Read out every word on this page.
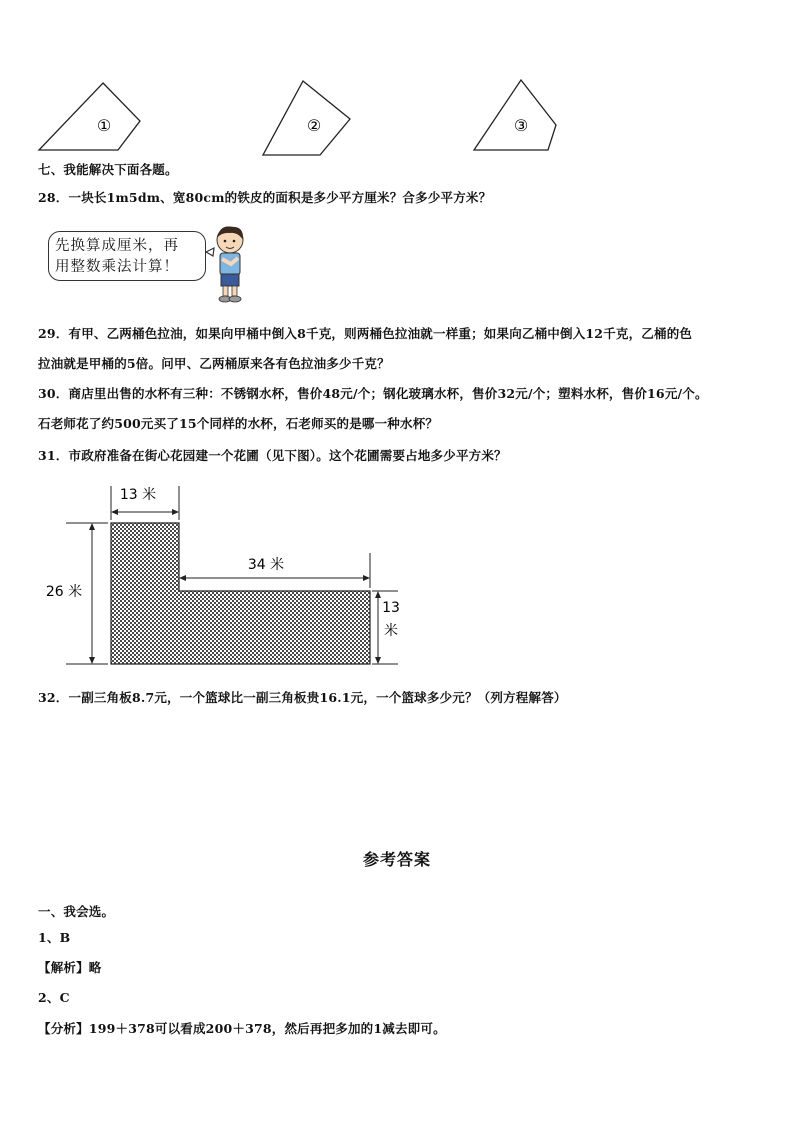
①	②	③
七、我能解决下面各题。
28．一块长1m5dm、宽80cm的铁皮的面积是多少平方厘米？合多少平方米？
先换算成厘米，再
用整数乘法计算！
29．有甲、乙两桶色拉油，如果向甲桶中倒入8千克，则两桶色拉油就一样重；如果向乙桶中倒入12千克，乙桶的色
拉油就是甲桶的5倍。问甲、乙两桶原来各有色拉油多少千克？
30．商店里出售的水杯有三种：不锈钢水杯，售价48元/个；钢化玻璃水杯，售价32元/个；塑料水杯，售价16元/个。
石老师花了约500元买了15个同样的水杯，石老师买的是哪一种水杯？
31．市政府准备在街心花园建一个花圃（见下图）。这个花圃需要占地多少平方米？
13 米
34 米
26 米
13
米
32．一副三角板8.7元，一个篮球比一副三角板贵16.1元，一个篮球多少元？（列方程解答）
参考答案
一、我会选。
1、B
【解析】略
2、C
【分析】199＋378可以看成200＋378，然后再把多加的1减去即可。
